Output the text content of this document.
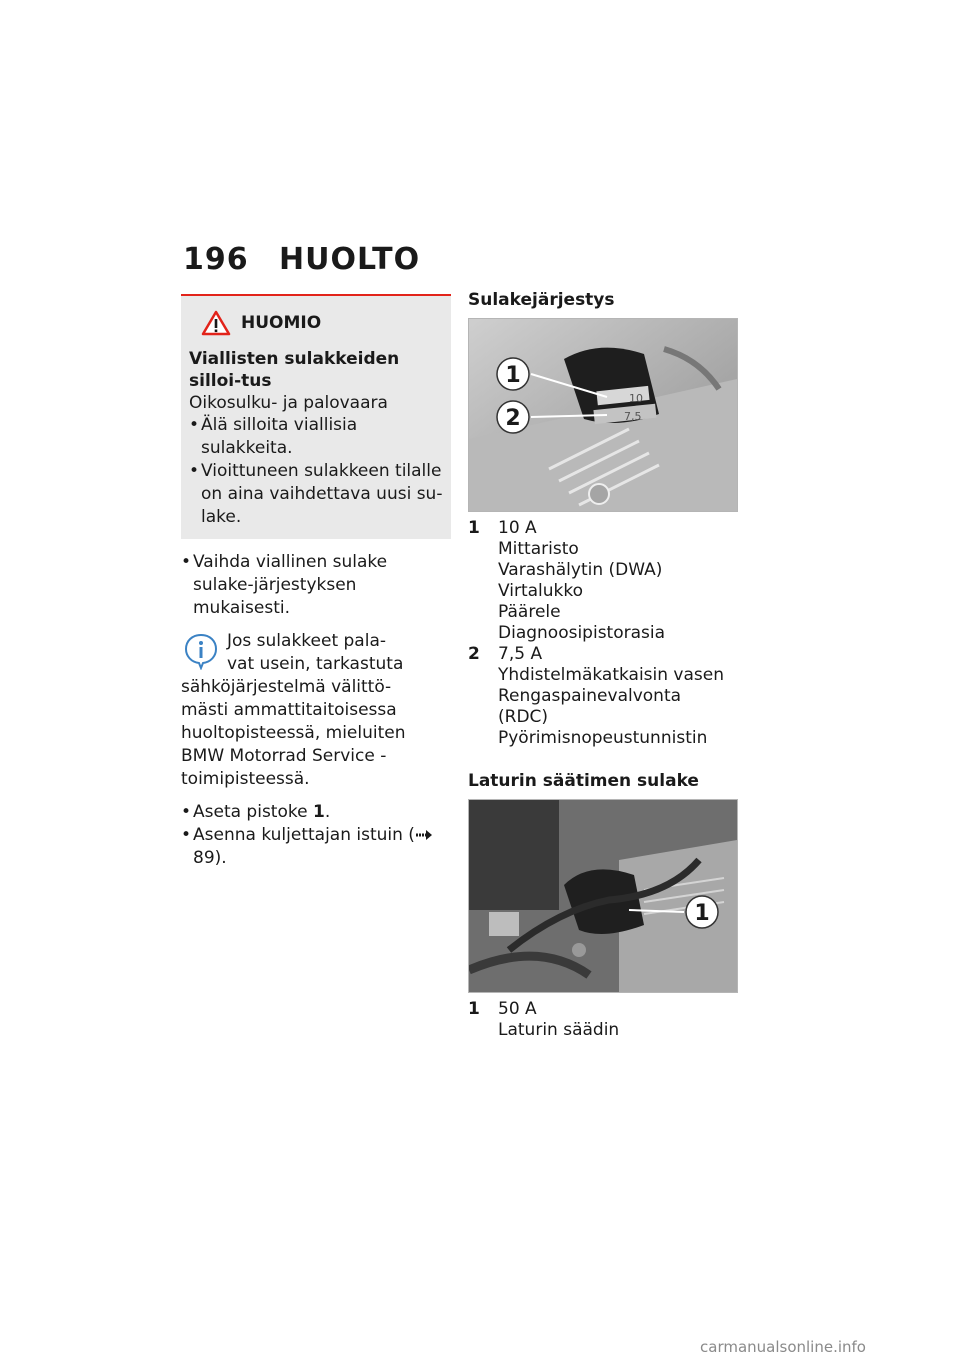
196 HUOLTO
HUOMIO
Viallisten sulakkeiden silloi-tus
Oikosulku- ja palovaara
• Älä silloita viallisia sulakkeita.
• Vioittuneen sulakkeen tilalle on aina vaihdettava uusi su-lake.
• Vaihda viallinen sulake sulake-järjestyksen mukaisesti.
Jos sulakkeet pala-
vat usein, tarkastuta
sähköjärjestelmä välittö-
mästi ammattitaitoisessa
huoltopisteessä, mieluiten
BMW Motorrad Service -
toimipisteessä.
• Aseta pistoke 1.
• Asenna kuljettajan istuin ( 89).
Sulakejärjestys
10
7,5
1
2
1	10 A
Mittaristo
Varashälytin (DWA)
Virtalukko
Päärele
Diagnoosipistorasia
2	7,5 A
Yhdistelmäkatkaisin vasen
Rengaspainevalvonta
(RDC)
Pyörimisnopeustunnistin
Laturin säätimen sulake
1
1	50 A
Laturin säädin
carmanualsonline.info
